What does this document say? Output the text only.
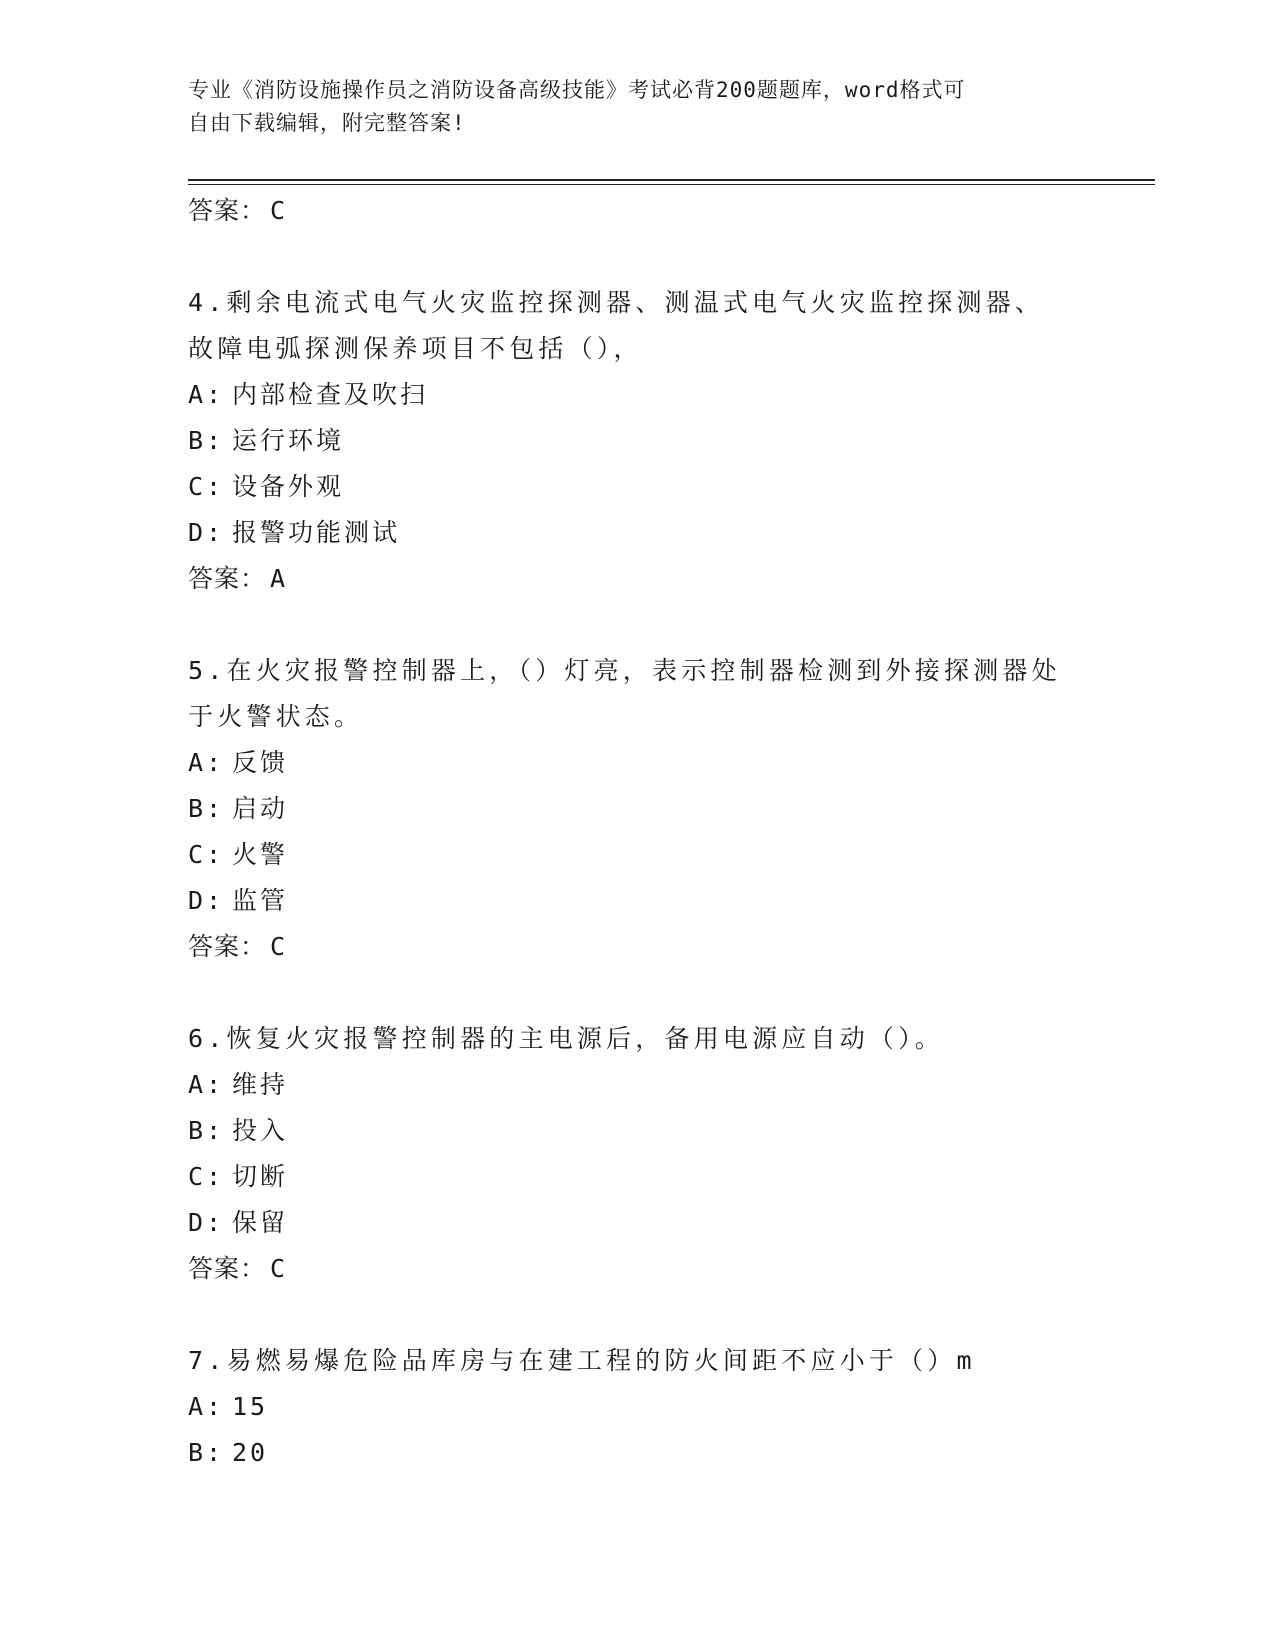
专业《消防设施操作员之消防设备高级技能》考试必背200题题库，word格式可
自由下载编辑，附完整答案!
答案： C
4.剩余电流式电气火灾监控探测器、测温式电气火灾监控探测器、故障电弧探测保养项目不包括（），
A: 内部检查及吹扫
B: 运行环境
C: 设备外观
D: 报警功能测试
答案： A
5.在火灾报警控制器上，（）灯亮，表示控制器检测到外接探测器处于火警状态。
A: 反馈
B: 启动
C: 火警
D: 监管
答案： C
6.恢复火灾报警控制器的主电源后，备用电源应自动（）。
A: 维持
B: 投入
C: 切断
D: 保留
答案： C
7.易燃易爆危险品库房与在建工程的防火间距不应小于（）m
A: 15
B: 20
